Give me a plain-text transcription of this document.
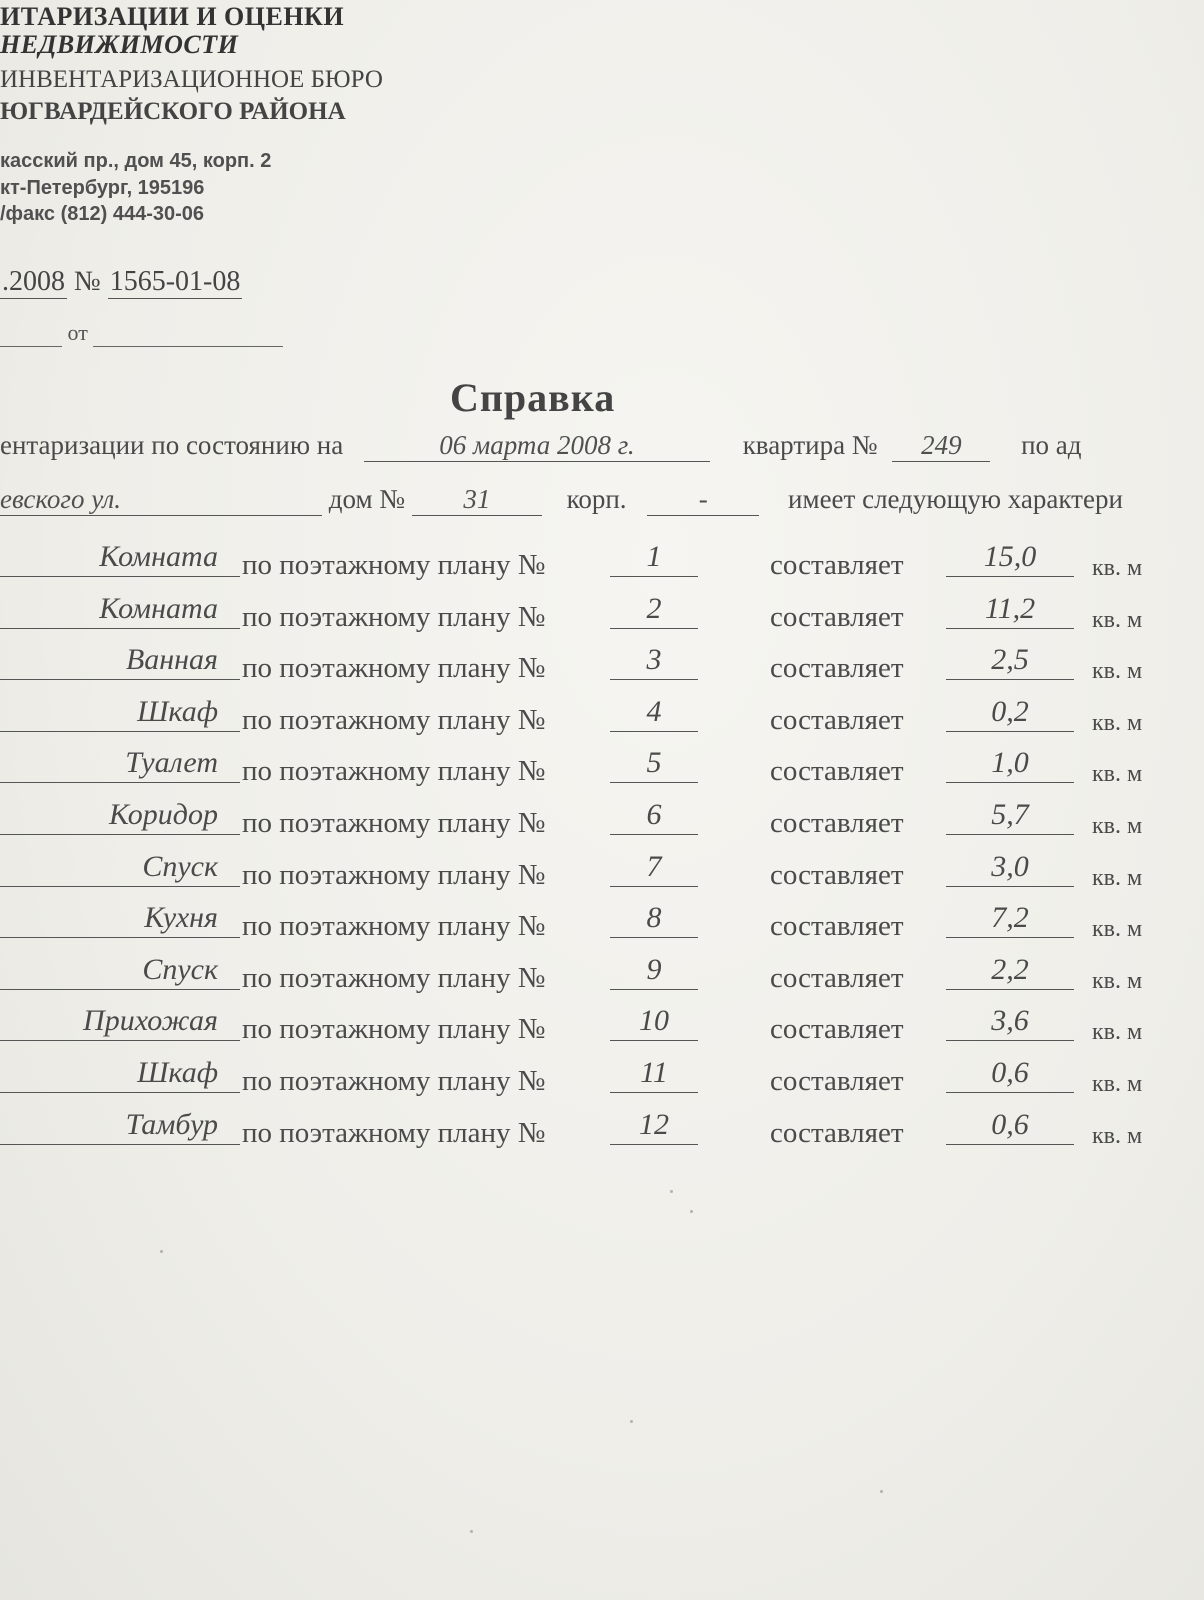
ИТАРИЗАЦИИ И ОЦЕНКИ
НЕДВИЖИМОСТИ
ИНВЕНТАРИЗАЦИОННОЕ БЮРО
ЮГВАРДЕЙСКОГО РАЙОНА
касский пр., дом 45, корп. 2
кт-Петербург, 195196
/факс (812) 444-30-06
.2008 № 1565-01-08
от
Справка
ентаризации по состоянию на	06 марта 2008 г.	квартира № 249 по ад
евского ул.	дом № 31	корп.	-	имеет следующую характери
Комната по поэтажному плану №	1	составляет	15,0	кв. м
Комната по поэтажному плану №	2	составляет	11,2	кв. м
Ванная по поэтажному плану №	3	составляет	2,5	кв. м
Шкаф по поэтажному плану №	4	составляет	0,2	кв. м
Туалет по поэтажному плану №	5	составляет	1,0	кв. м
Коридор по поэтажному плану №	6	составляет	5,7	кв. м
Спуск по поэтажному плану №	7	составляет	3,0	кв. м
Кухня по поэтажному плану №	8	составляет	7,2	кв. м
Спуск по поэтажному плану №	9	составляет	2,2	кв. м
Прихожая по поэтажному плану №	10	составляет	3,6	кв. м
Шкаф по поэтажному плану №	11	составляет	0,6	кв. м
Тамбур по поэтажному плану №	12	составляет	0,6	кв. м
